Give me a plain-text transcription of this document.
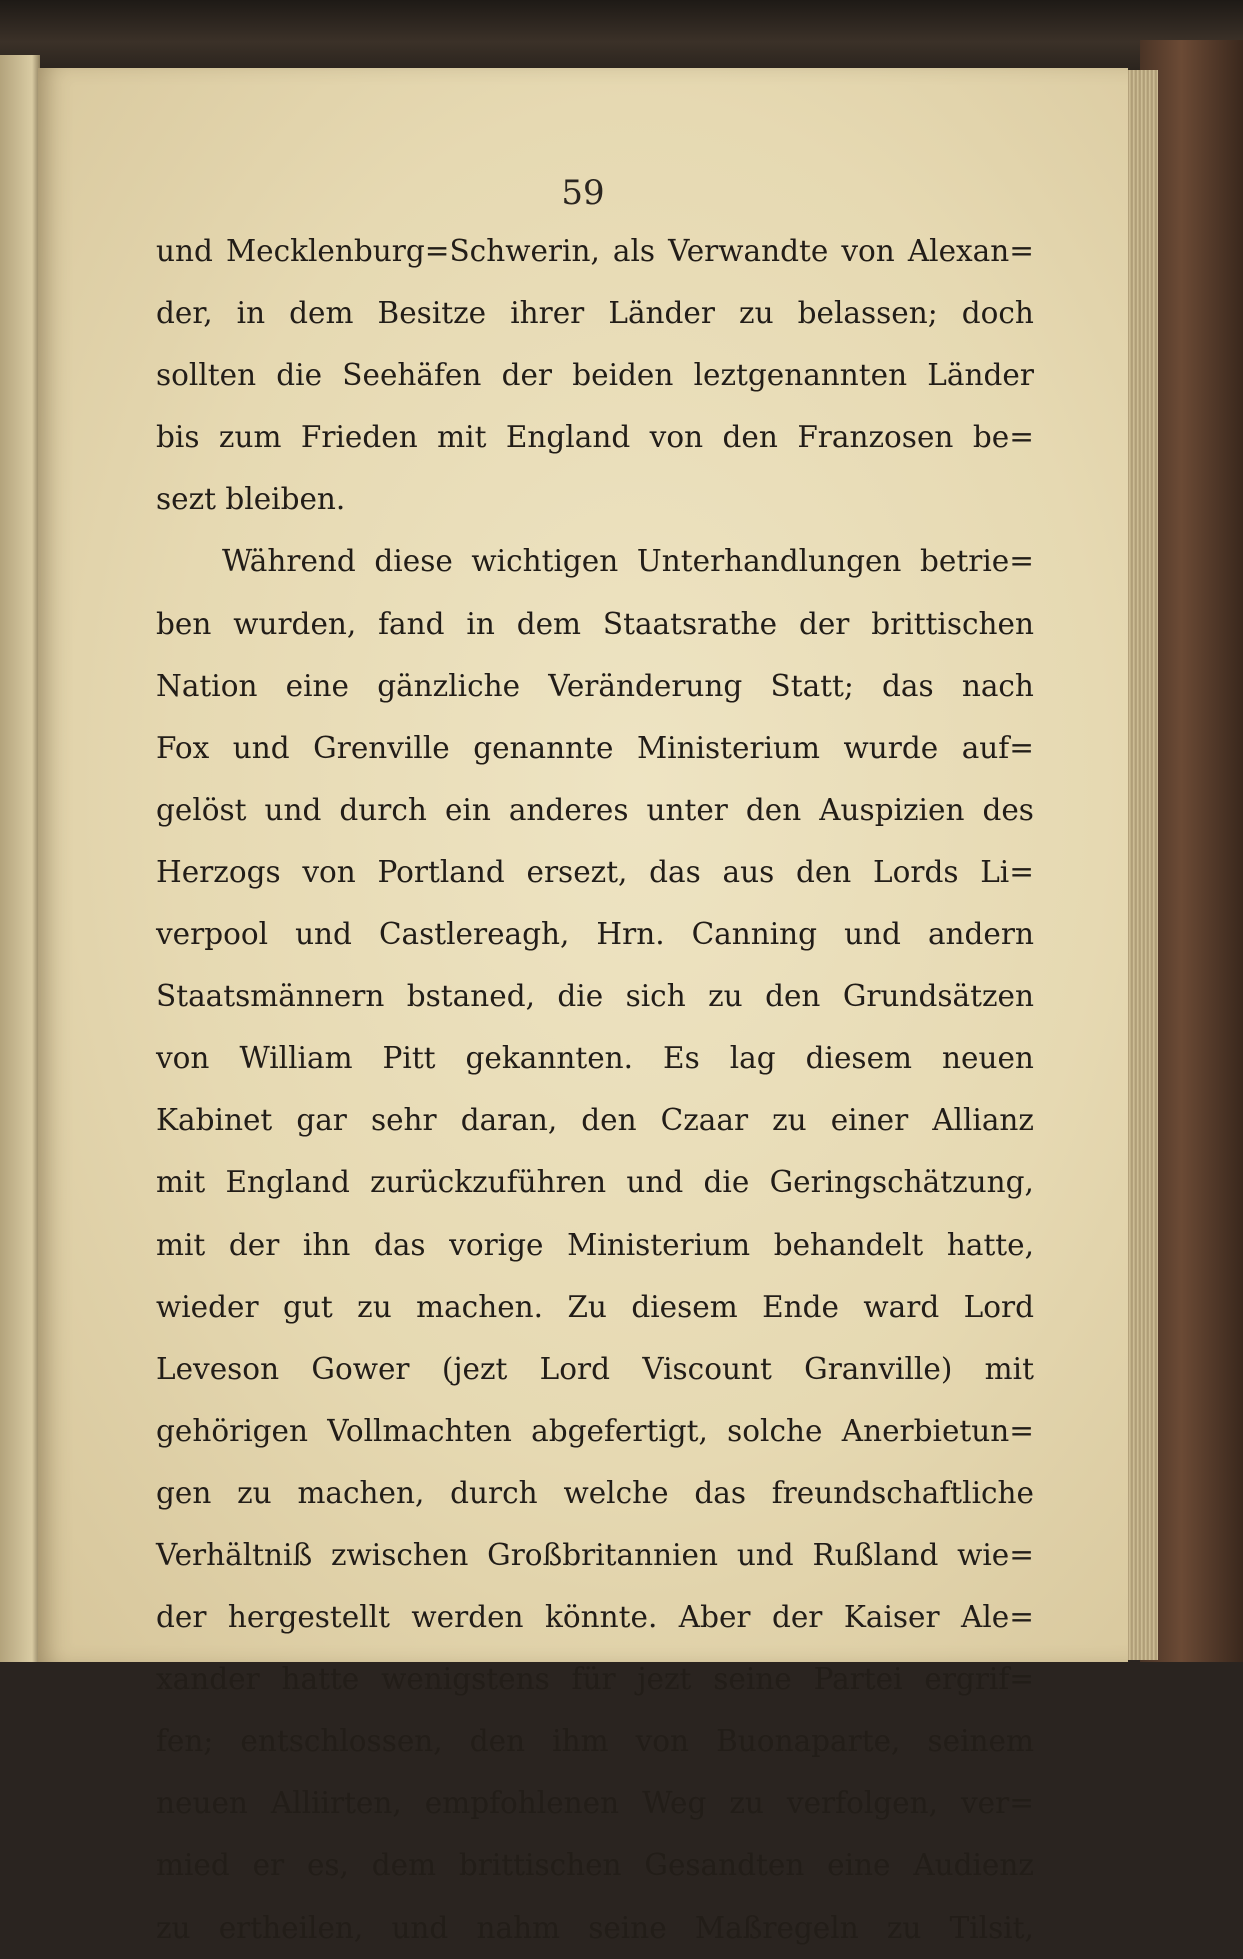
59
und Mecklenburg=Schwerin, als Verwandte von Alexan=
der, in dem Besitze ihrer Länder zu belassen; doch
sollten die Seehäfen der beiden leztgenannten Länder
bis zum Frieden mit England von den Franzosen be=
sezt bleiben.
Während diese wichtigen Unterhandlungen betrie=
ben wurden, fand in dem Staatsrathe der brittischen
Nation eine gänzliche Veränderung Statt; das nach
Fox und Grenville genannte Ministerium wurde auf=
gelöst und durch ein anderes unter den Auspizien des
Herzogs von Portland ersezt, das aus den Lords Li=
verpool und Castlereagh, Hrn. Canning und andern
Staatsmännern bstaned, die sich zu den Grundsätzen
von William Pitt gekannten. Es lag diesem neuen
Kabinet gar sehr daran, den Czaar zu einer Allianz
mit England zurückzuführen und die Geringschätzung,
mit der ihn das vorige Ministerium behandelt hatte,
wieder gut zu machen. Zu diesem Ende ward Lord
Leveson Gower (jezt Lord Viscount Granville) mit
gehörigen Vollmachten abgefertigt, solche Anerbietun=
gen zu machen, durch welche das freundschaftliche
Verhältniß zwischen Großbritannien und Rußland wie=
der hergestellt werden könnte. Aber der Kaiser Ale=
xander hatte wenigstens für jezt seine Partei ergrif=
fen; entschlossen, den ihm von Buonaparte, seinem
neuen Alliirten, empfohlenen Weg zu verfolgen, ver=
mied er es, dem brittischen Gesandten eine Audienz
zu ertheilen, und nahm seine Maßregeln zu Tilsit,
